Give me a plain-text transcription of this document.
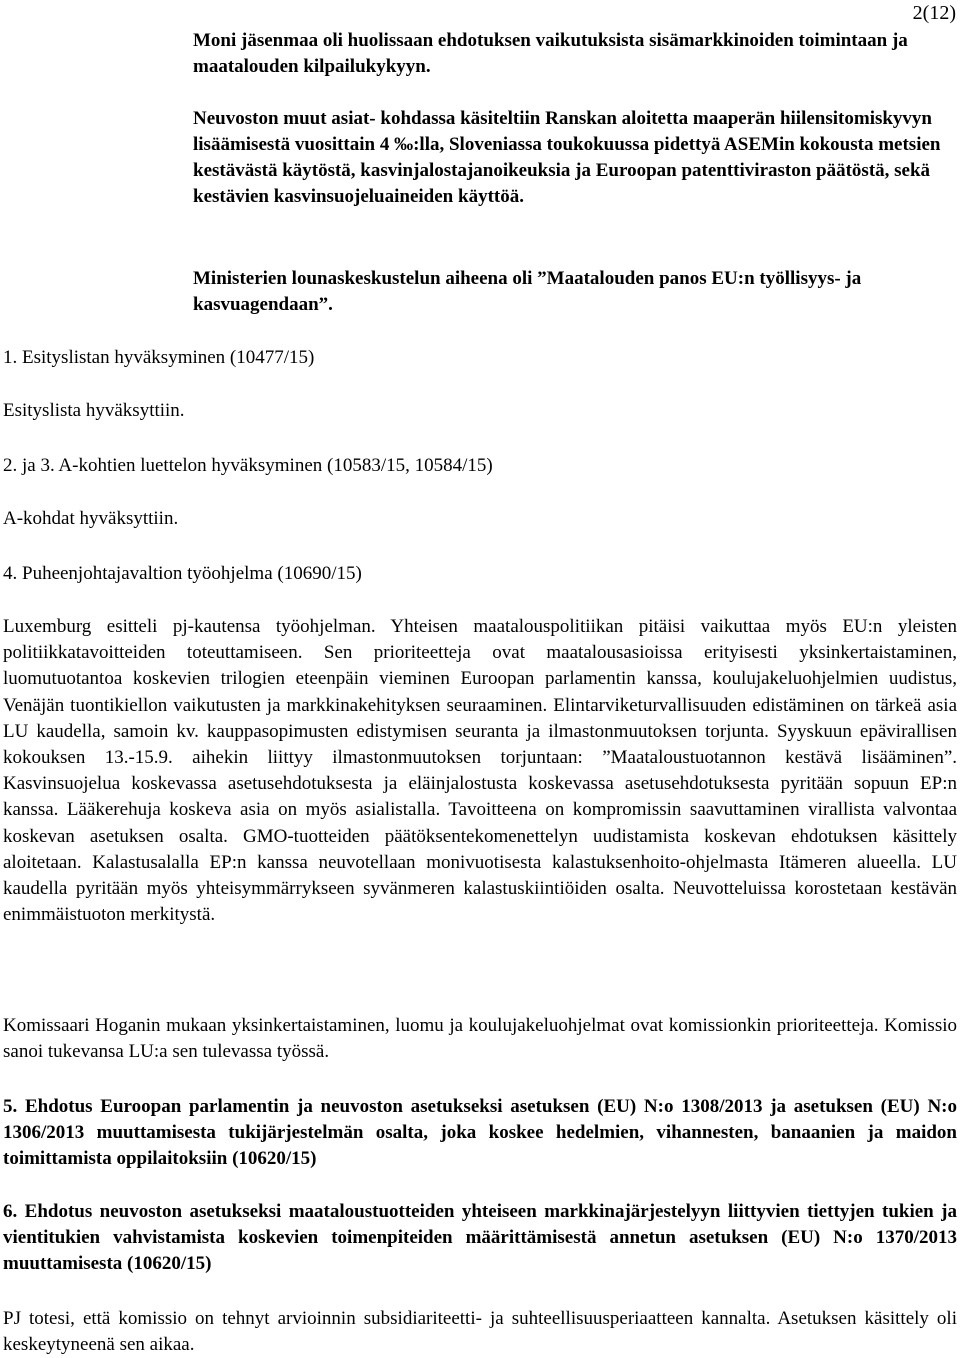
2(12)

Moni jäsenmaa oli huolissaan ehdotuksen vaikutuksista sisämarkkinoiden toimintaan ja maatalouden kilpailukykyyn.

Neuvoston muut asiat- kohdassa käsiteltiin Ranskan aloitetta maaperän hiilensitomiskyvyn lisäämisestä vuosittain 4 ‰:lla, Sloveniassa toukokuussa pidettyä ASEMin kokousta metsien kestävästä käytöstä, kasvinjalostajanoikeuksia ja Euroopan patenttiviraston päätöstä, sekä kestävien kasvinsuojeluaineiden käyttöä.

Ministerien lounaskeskustelun aiheena oli ”Maatalouden panos EU:n työllisyys- ja kasvuagendaan”.

1. Esityslistan hyväksyminen (10477/15)

Esityslista hyväksyttiin.

2. ja 3. A-kohtien luettelon hyväksyminen (10583/15, 10584/15)

A-kohdat hyväksyttiin.

4. Puheenjohtajavaltion työohjelma (10690/15)

Luxemburg esitteli pj-kautensa työohjelman. Yhteisen maatalouspolitiikan pitäisi vaikuttaa myös EU:n yleisten politiikkatavoitteiden toteuttamiseen. Sen prioriteetteja ovat maatalousasioissa erityisesti yksinkertaistaminen, luomutuotantoa koskevien trilogien eteenpäin vieminen Euroopan parlamentin kanssa, koulujakeluohjelmien uudistus, Venäjän tuontikiellon vaikutusten ja markkinakehityksen seuraaminen. Elintarviketurvallisuuden edistäminen on tärkeä asia LU kaudella, samoin kv. kauppasopimusten edistymisen seuranta ja ilmastonmuutoksen torjunta. Syyskuun epävirallisen kokouksen 13.-15.9. aihekin liittyy ilmastonmuutoksen torjuntaan: ”Maataloustuotannon kestävä lisääminen”. Kasvinsuojelua koskevassa asetusehdotuksesta ja eläinjalostusta koskevassa asetusehdotuksesta pyritään sopuun EP:n kanssa. Lääkerehuja koskeva asia on myös asialistalla. Tavoitteena on kompromissin saavuttaminen virallista valvontaa koskevan asetuksen osalta. GMO-tuotteiden päätöksentekomenettelyn uudistamista koskevan ehdotuksen käsittely aloitetaan. Kalastusalalla EP:n kanssa neuvotellaan monivuotisesta kalastuksenhoito-ohjelmasta Itämeren alueella. LU kaudella pyritään myös yhteisymmärrykseen syvänmeren kalastuskiintiöiden osalta. Neuvotteluissa korostetaan kestävän enimmäistuoton merkitystä.

Komissaari Hoganin mukaan yksinkertaistaminen, luomu ja koulujakeluohjelmat ovat komissionkin prioriteetteja. Komissio sanoi tukevansa LU:a sen tulevassa työssä.

5. Ehdotus Euroopan parlamentin ja neuvoston asetukseksi asetuksen (EU) N:o 1308/2013 ja asetuksen (EU) N:o 1306/2013 muuttamisesta tukijärjestelmän osalta, joka koskee hedelmien, vihannesten, banaanien ja maidon toimittamista oppilaitoksiin (10620/15)

6. Ehdotus neuvoston asetukseksi maataloustuotteiden yhteiseen markkinajärjestelyyn liittyvien tiettyjen tukien ja vientitukien vahvistamista koskevien toimenpiteiden määrittämisestä annetun asetuksen (EU) N:o 1370/2013 muuttamisesta (10620/15)

PJ totesi, että komissio on tehnyt arvioinnin subsidiariteetti- ja suhteellisuusperiaatteen kannalta. Asetuksen käsittely oli keskeytyneenä sen aikaa.
